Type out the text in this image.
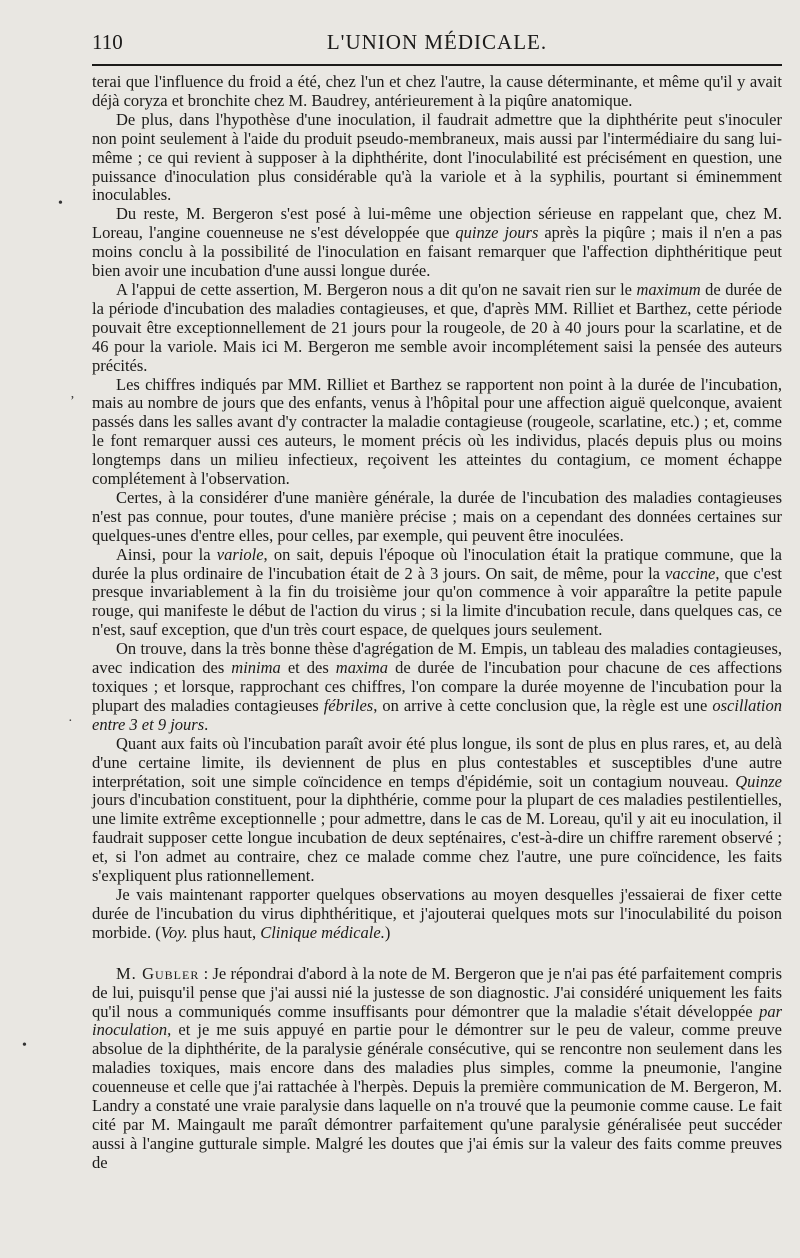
110	L'UNION MÉDICALE.
•
ʼ
·
•

terai que l'influence du froid a été, chez l'un et chez l'autre, la cause déterminante, et même qu'il y avait déjà coryza et bronchite chez M. Baudrey, antérieurement à la piqûre anatomique.

De plus, dans l'hypothèse d'une inoculation, il faudrait admettre que la diphthérite peut s'inoculer non point seulement à l'aide du produit pseudo-membraneux, mais aussi par l'intermédiaire du sang lui-même ; ce qui revient à supposer à la diphthérite, dont l'inoculabilité est précisément en question, une puissance d'inoculation plus considérable qu'à la variole et à la syphilis, pourtant si éminemment inoculables.

Du reste, M. Bergeron s'est posé à lui-même une objection sérieuse en rappelant que, chez M. Loreau, l'angine couenneuse ne s'est développée que quinze jours après la piqûre ; mais il n'en a pas moins conclu à la possibilité de l'inoculation en faisant remarquer que l'affection diphthéritique peut bien avoir une incubation d'une aussi longue durée.

A l'appui de cette assertion, M. Bergeron nous a dit qu'on ne savait rien sur le maximum de durée de la période d'incubation des maladies contagieuses, et que, d'après MM. Rilliet et Barthez, cette période pouvait être exceptionnellement de 21 jours pour la rougeole, de 20 à 40 jours pour la scarlatine, et de 46 pour la variole. Mais ici M. Bergeron me semble avoir incomplétement saisi la pensée des auteurs précités.

Les chiffres indiqués par MM. Rilliet et Barthez se rapportent non point à la durée de l'incubation, mais au nombre de jours que des enfants, venus à l'hôpital pour une affection aiguë quelconque, avaient passés dans les salles avant d'y contracter la maladie contagieuse (rougeole, scarlatine, etc.) ; et, comme le font remarquer aussi ces auteurs, le moment précis où les individus, placés depuis plus ou moins longtemps dans un milieu infectieux, reçoivent les atteintes du contagium, ce moment échappe complétement à l'observation.

Certes, à la considérer d'une manière générale, la durée de l'incubation des maladies contagieuses n'est pas connue, pour toutes, d'une manière précise ; mais on a cependant des données certaines sur quelques-unes d'entre elles, pour celles, par exemple, qui peuvent être inoculées.

Ainsi, pour la variole, on sait, depuis l'époque où l'inoculation était la pratique commune, que la durée la plus ordinaire de l'incubation était de 2 à 3 jours. On sait, de même, pour la vaccine, que c'est presque invariablement à la fin du troisième jour qu'on commence à voir apparaître la petite papule rouge, qui manifeste le début de l'action du virus ; si la limite d'incubation recule, dans quelques cas, ce n'est, sauf exception, que d'un très court espace, de quelques jours seulement.

On trouve, dans la très bonne thèse d'agrégation de M. Empis, un tableau des maladies contagieuses, avec indication des minima et des maxima de durée de l'incubation pour chacune de ces affections toxiques ; et lorsque, rapprochant ces chiffres, l'on compare la durée moyenne de l'incubation pour la plupart des maladies contagieuses fébriles, on arrive à cette conclusion que, la règle est une oscillation entre 3 et 9 jours.

Quant aux faits où l'incubation paraît avoir été plus longue, ils sont de plus en plus rares, et, au delà d'une certaine limite, ils deviennent de plus en plus contestables et susceptibles d'une autre interprétation, soit une simple coïncidence en temps d'épidémie, soit un contagium nouveau. Quinze jours d'incubation constituent, pour la diphthérie, comme pour la plupart de ces maladies pestilentielles, une limite extrême exceptionnelle ; pour admettre, dans le cas de M. Loreau, qu'il y ait eu inoculation, il faudrait supposer cette longue incubation de deux septénaires, c'est-à-dire un chiffre rarement observé ; et, si l'on admet au contraire, chez ce malade comme chez l'autre, une pure coïncidence, les faits s'expliquent plus rationnellement.

Je vais maintenant rapporter quelques observations au moyen desquelles j'essaierai de fixer cette durée de l'incubation du virus diphthéritique, et j'ajouterai quelques mots sur l'inoculabilité du poison morbide. (Voy. plus haut, Clinique médicale.)

M. Gubler : Je répondrai d'abord à la note de M. Bergeron que je n'ai pas été parfaitement compris de lui, puisqu'il pense que j'ai aussi nié la justesse de son diagnostic. J'ai considéré uniquement les faits qu'il nous a communiqués comme insuffisants pour démontrer que la maladie s'était développée par inoculation, et je me suis appuyé en partie pour le démontrer sur le peu de valeur, comme preuve absolue de la diphthérite, de la paralysie générale consécutive, qui se rencontre non seulement dans les maladies toxiques, mais encore dans des maladies plus simples, comme la pneumonie, l'angine couenneuse et celle que j'ai rattachée à l'herpès. Depuis la première communication de M. Bergeron, M. Landry a constaté une vraie paralysie dans laquelle on n'a trouvé que la peumonie comme cause. Le fait cité par M. Maingault me paraît démontrer parfaitement qu'une paralysie généralisée peut succéder aussi à l'angine gutturale simple. Malgré les doutes que j'ai émis sur la valeur des faits comme preuves de
